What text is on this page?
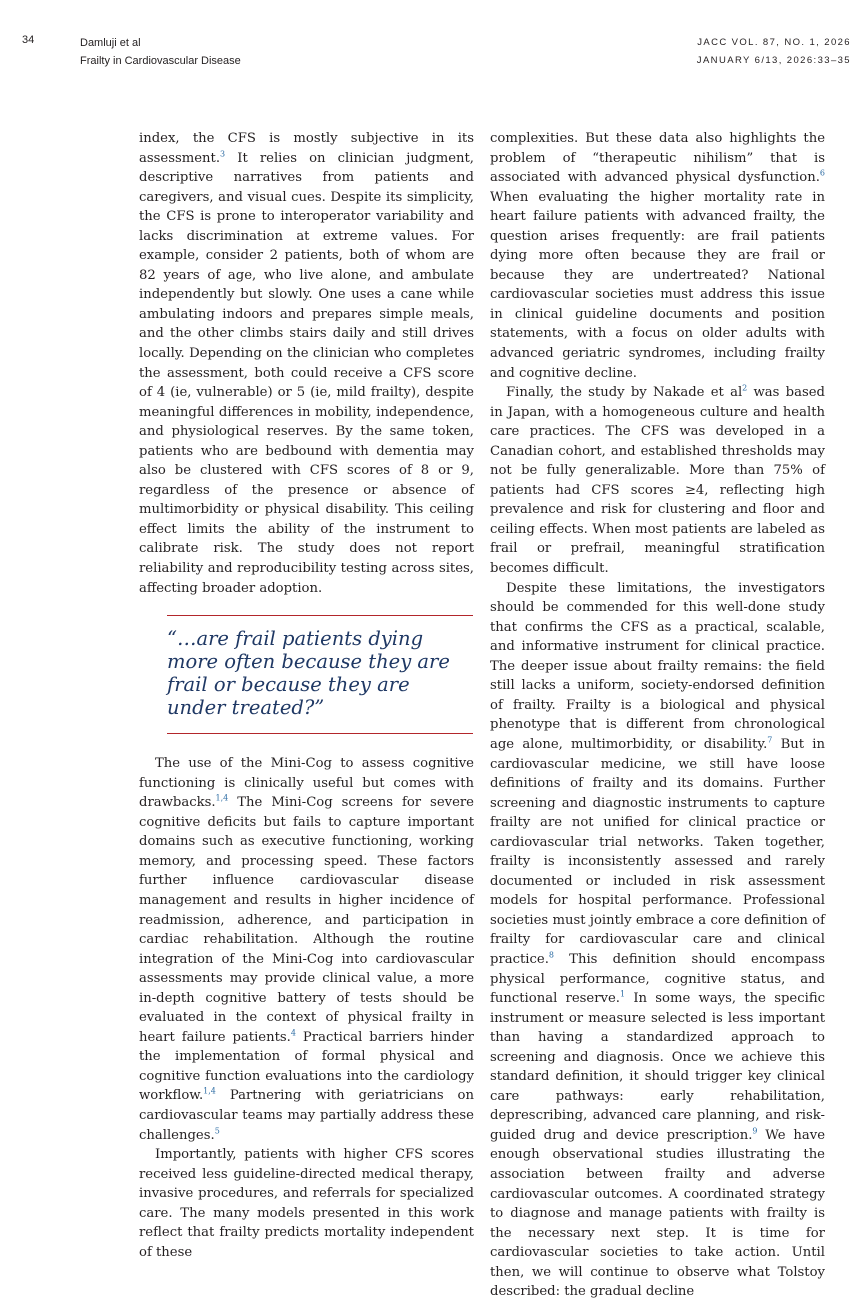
34	Damluji et al
Frailty in Cardiovascular Disease
JACC VOL. 87, NO. 1, 2026
JANUARY 6/13, 2026:33–35

index, the CFS is mostly subjective in its assessment.$^3$ It relies on clinician judgment, descriptive narratives from patients and caregivers, and visual cues. Despite its simplicity, the CFS is prone to interoperator variability and lacks discrimination at extreme values. For example, consider 2 patients, both of whom are 82 years of age, who live alone, and ambulate independently but slowly. One uses a cane while ambulating indoors and prepares simple meals, and the other climbs stairs daily and still drives locally. Depending on the clinician who completes the assessment, both could receive a CFS score of 4 (ie, vulnerable) or 5 (ie, mild frailty), despite meaningful differences in mobility, independence, and physiological reserves. By the same token, patients who are bedbound with dementia may also be clustered with CFS scores of 8 or 9, regardless of the presence or absence of multimorbidity or physical disability. This ceiling effect limits the ability of the instrument to calibrate risk. The study does not report reliability and reproducibility testing across sites, affecting broader adoption.

“…are frail patients dying more often because they are frail or because they are under treated?”

The use of the Mini-Cog to assess cognitive functioning is clinically useful but comes with drawbacks.$^{1,4}$ The Mini-Cog screens for severe cognitive deficits but fails to capture important domains such as executive functioning, working memory, and processing speed. These factors further influence cardiovascular disease management and results in higher incidence of readmission, adherence, and participation in cardiac rehabilitation. Although the routine integration of the Mini-Cog into cardiovascular assessments may provide clinical value, a more in-depth cognitive battery of tests should be evaluated in the context of physical frailty in heart failure patients.$^4$ Practical barriers hinder the implementation of formal physical and cognitive function evaluations into the cardiology workflow.$^{1,4}$ Partnering with geriatricians on cardiovascular teams may partially address these challenges.$^5$

Importantly, patients with higher CFS scores received less guideline-directed medical therapy, invasive procedures, and referrals for specialized care. The many models presented in this work reflect that frailty predicts mortality independent of these

complexities. But these data also highlights the problem of “therapeutic nihilism” that is associated with advanced physical dysfunction.$^6$ When evaluating the higher mortality rate in heart failure patients with advanced frailty, the question arises frequently: are frail patients dying more often because they are frail or because they are undertreated? National cardiovascular societies must address this issue in clinical guideline documents and position statements, with a focus on older adults with advanced geriatric syndromes, including frailty and cognitive decline.

Finally, the study by Nakade et $al^2$ was based in Japan, with a homogeneous culture and health care practices. The CFS was developed in a Canadian cohort, and established thresholds may not be fully generalizable. More than 75% of patients had CFS scores ≥4, reflecting high prevalence and risk for clustering and floor and ceiling effects. When most patients are labeled as frail or prefrail, meaningful stratification becomes difficult.

Despite these limitations, the investigators should be commended for this well-done study that confirms the CFS as a practical, scalable, and informative instrument for clinical practice. The deeper issue about frailty remains: the field still lacks a uniform, society-endorsed definition of frailty. Frailty is a biological and physical phenotype that is different from chronological age alone, multimorbidity, or disability.$^7$ But in cardiovascular medicine, we still have loose definitions of frailty and its domains. Further screening and diagnostic instruments to capture frailty are not unified for clinical practice or cardiovascular trial networks. Taken together, frailty is inconsistently assessed and rarely documented or included in risk assessment models for hospital performance. Professional societies must jointly embrace a core definition of frailty for cardiovascular care and clinical practice.$^8$ This definition should encompass physical performance, cognitive status, and functional reserve.$^1$ In some ways, the specific instrument or measure selected is less important than having a standardized approach to screening and diagnosis. Once we achieve this standard definition, it should trigger key clinical care pathways: early rehabilitation, deprescribing, advanced care planning, and risk-guided drug and device prescription.$^9$ We have enough observational studies illustrating the association between frailty and adverse cardiovascular outcomes. A coordinated strategy to diagnose and manage patients with frailty is the necessary next step. It is time for cardiovascular societies to take action. Until then, we will continue to observe what Tolstoy described: the gradual decline
